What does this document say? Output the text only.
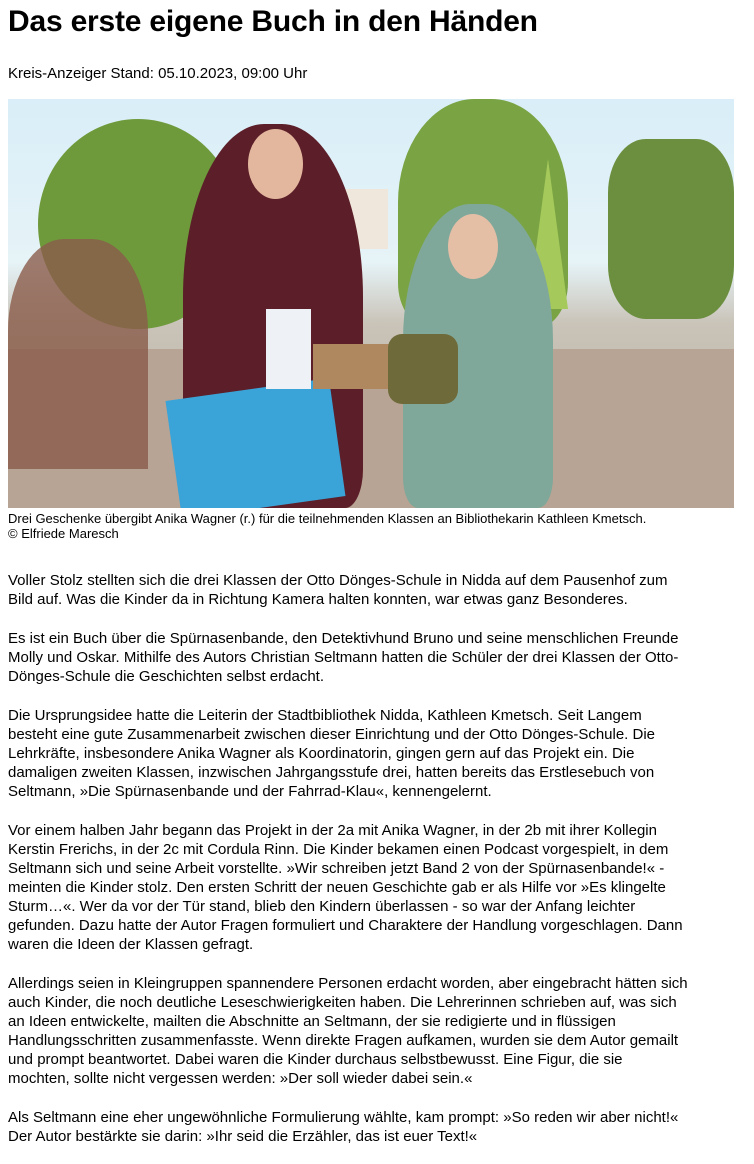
Das erste eigene Buch in den Händen
Kreis-Anzeiger Stand: 05.10.2023, 09:00 Uhr
Drei Geschenke übergibt Anika Wagner (r.) für die teilnehmenden Klassen an Bibliothekarin Kathleen Kmetsch.
© Elfriede Maresch
Voller Stolz stellten sich die drei Klassen der Otto Dönges-Schule in Nidda auf dem Pausenhof zum
Bild auf. Was die Kinder da in Richtung Kamera halten konnten, war etwas ganz Besonderes.
Es ist ein Buch über die Spürnasenbande, den Detektivhund Bruno und seine menschlichen Freunde
Molly und Oskar. Mithilfe des Autors Christian Seltmann hatten die Schüler der drei Klassen der Otto-
Dönges-Schule die Geschichten selbst erdacht.
Die Ursprungsidee hatte die Leiterin der Stadtbibliothek Nidda, Kathleen Kmetsch. Seit Langem
besteht eine gute Zusammenarbeit zwischen dieser Einrichtung und der Otto Dönges-Schule. Die
Lehrkräfte, insbesondere Anika Wagner als Koordinatorin, gingen gern auf das Projekt ein. Die
damaligen zweiten Klassen, inzwischen Jahrgangsstufe drei, hatten bereits das Erstlesebuch von
Seltmann, »Die Spürnasenbande und der Fahrrad-Klau«, kennengelernt.
Vor einem halben Jahr begann das Projekt in der 2a mit Anika Wagner, in der 2b mit ihrer Kollegin
Kerstin Frerichs, in der 2c mit Cordula Rinn. Die Kinder bekamen einen Podcast vorgespielt, in dem
Seltmann sich und seine Arbeit vorstellte. »Wir schreiben jetzt Band 2 von der Spürnasenbande!« -
meinten die Kinder stolz. Den ersten Schritt der neuen Geschichte gab er als Hilfe vor »Es klingelte
Sturm…«. Wer da vor der Tür stand, blieb den Kindern überlassen - so war der Anfang leichter
gefunden. Dazu hatte der Autor Fragen formuliert und Charaktere der Handlung vorgeschlagen. Dann
waren die Ideen der Klassen gefragt.
Allerdings seien in Kleingruppen spannendere Personen erdacht worden, aber eingebracht hätten sich
auch Kinder, die noch deutliche Leseschwierigkeiten haben. Die Lehrerinnen schrieben auf, was sich
an Ideen entwickelte, mailten die Abschnitte an Seltmann, der sie redigierte und in flüssigen
Handlungsschritten zusammenfasste. Wenn direkte Fragen aufkamen, wurden sie dem Autor gemailt
und prompt beantwortet. Dabei waren die Kinder durchaus selbstbewusst. Eine Figur, die sie
mochten, sollte nicht vergessen werden: »Der soll wieder dabei sein.«
Als Seltmann eine eher ungewöhnliche Formulierung wählte, kam prompt: »So reden wir aber nicht!«
Der Autor bestärkte sie darin: »Ihr seid die Erzähler, das ist euer Text!«
